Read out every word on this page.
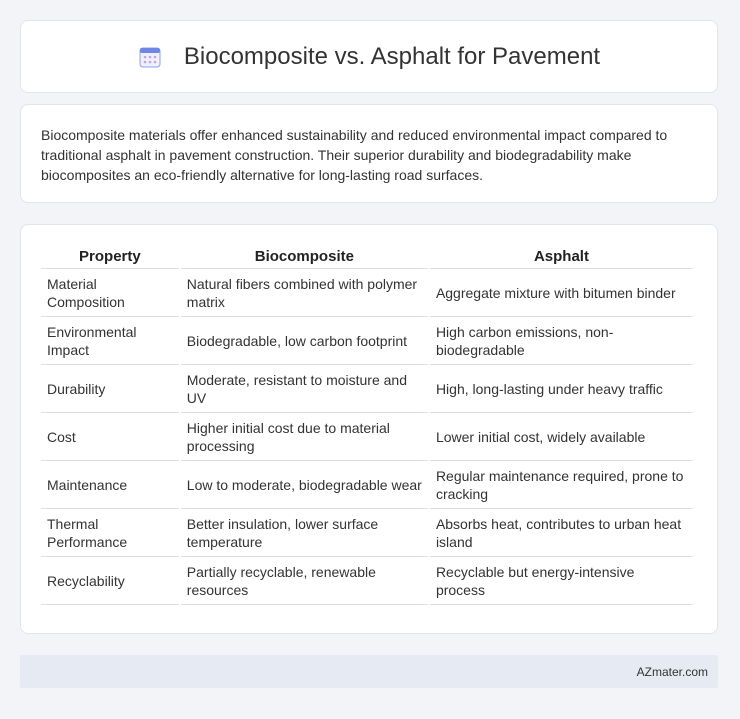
Biocomposite vs. Asphalt for Pavement

Biocomposite materials offer enhanced sustainability and reduced environmental impact compared to traditional asphalt in pavement construction. Their superior durability and biodegradability make biocomposites an eco-friendly alternative for long-lasting road surfaces.

Property	Biocomposite	Asphalt
Material Composition	Natural fibers combined with polymer matrix	Aggregate mixture with bitumen binder
Environmental Impact	Biodegradable, low carbon footprint	High carbon emissions, non-biodegradable
Durability	Moderate, resistant to moisture and UV	High, long-lasting under heavy traffic
Cost	Higher initial cost due to material processing	Lower initial cost, widely available
Maintenance	Low to moderate, biodegradable wear	Regular maintenance required, prone to cracking
Thermal Performance	Better insulation, lower surface temperature	Absorbs heat, contributes to urban heat island
Recyclability	Partially recyclable, renewable resources	Recyclable but energy-intensive process
AZmater.com
